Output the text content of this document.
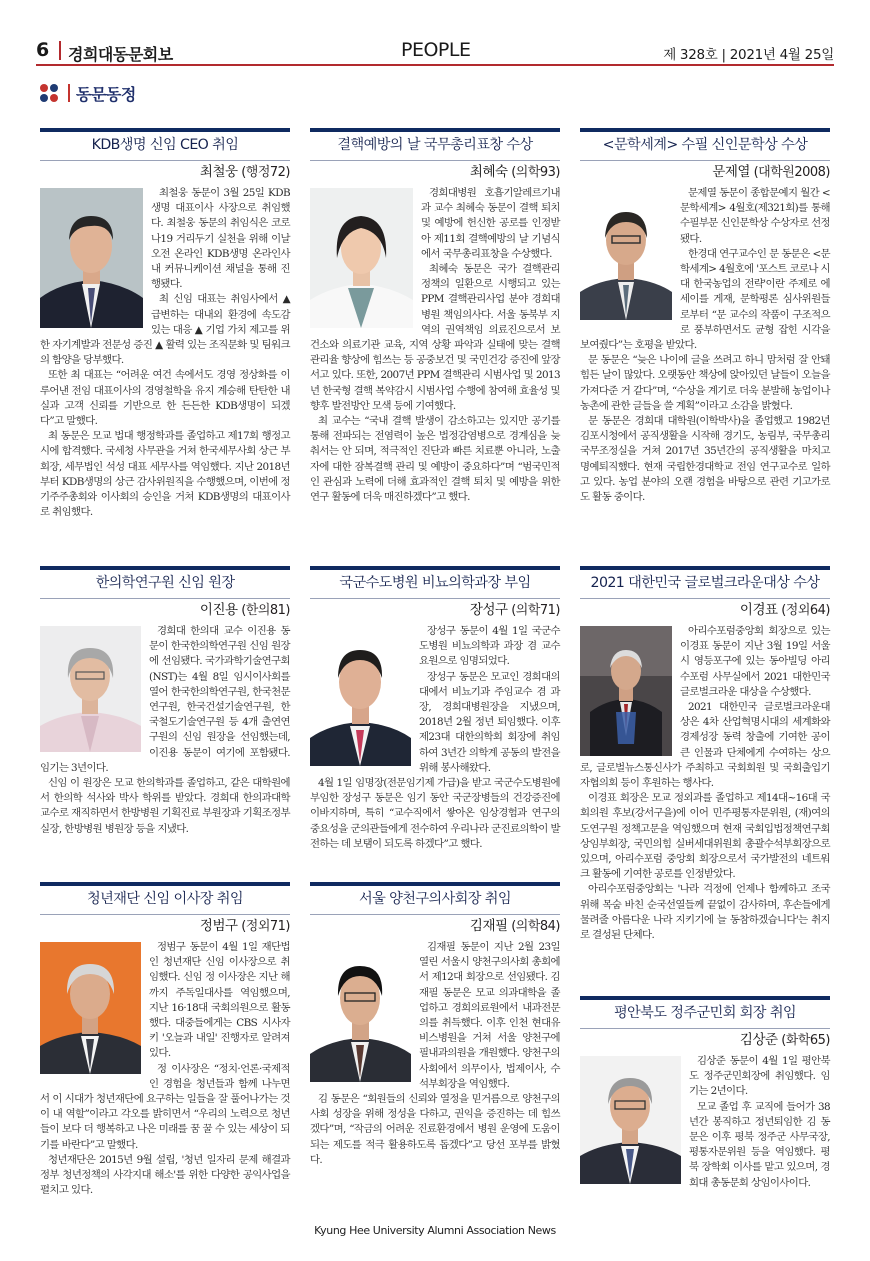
6 경희대동문회보	PEOPLE	제 328호 | 2021년 4월 25일
동문동정
KDB생명 신임 CEO 취임
최철웅 (행정72)

최철웅 동문이 3월 25일 KDB생명 대표이사 사장으로 취임했다. 최철웅 동문의 취임식은 코로나19 거리두기 실천을 위해 이날 오전 온라인 KDB생명 온라인사내 커뮤니케이션 채널을 통해 진행됐다.

최 신임 대표는 취임사에서 ▲급변하는 대내외 환경에 속도감 있는 대응 ▲ 기업 가치 제고를 위한 자기계발과 전문성 증진 ▲ 활력 있는 조직문화 및 팀워크의 함양을 당부했다.

또한 최 대표는 “어려운 여건 속에서도 경영 정상화를 이루어낸 전임 대표이사의 경영철학을 유지 계승해 탄탄한 내실과 고객 신뢰를 기반으로 한 든든한 KDB생명이 되겠다”고 말했다.

최 동문은 모교 법대 행정학과를 졸업하고 제17회 행정고시에 합격했다. 국세청 사무관을 거쳐 한국세무사회 상근 부회장, 세무법인 석성 대표 세무사를 역임했다. 지난 2018년부터 KDB생명의 상근 감사위원직을 수행했으며, 이번에 정기주주총회와 이사회의 승인을 거쳐 KDB생명의 대표이사로 취임했다.

결핵예방의 날 국무총리표창 수상
최혜숙 (의학93)

경희대병원 호흡기알레르기내과 교수 최혜숙 동문이 결핵 퇴치 및 예방에 헌신한 공로를 인정받아 제11회 결핵예방의 날 기념식에서 국무총리표창을 수상했다.

최혜숙 동문은 국가 결핵관리 정책의 일환으로 시행되고 있는 PPM 결핵관리사업 분야 경희대병원 책임의사다. 서울 동북부 지역의 권역책임 의료진으로서 보건소와 의료기관 교육, 지역 상황 파악과 실태에 맞는 결핵관리율 향상에 힘쓰는 등 공중보건 및 국민건강 증진에 앞장서고 있다. 또한, 2007년 PPM 결핵관리 시범사업 및 2013년 한국형 결핵 복약감시 시범사업 수행에 참여해 효율성 및 향후 발전방안 모색 등에 기여했다.

최 교수는 “국내 결핵 발생이 감소하고는 있지만 공기를 통해 전파되는 전염력이 높은 법정감염병으로 경계심을 늦춰서는 안 되며, 적극적인 진단과 빠른 치료뿐 아니라, 노출자에 대한 잠복결핵 관리 및 예방이 중요하다”며 “범국민적인 관심과 노력에 더해 효과적인 결핵 퇴치 및 예방을 위한 연구 활동에 더욱 매진하겠다”고 했다.

<문학세계> 수필 신인문학상 수상
문제열 (대학원2008)

문제열 동문이 종합문예지 월간 <문학세계> 4월호(제321회)를 통해 수필부문 신인문학상 수상자로 선정됐다.

한경대 연구교수인 문 동문은 <문학세계> 4월호에 '포스트 코로나 시대 한국농업의 전략'이란 주제로 에세이를 게재, 문학평론 심사위원들로부터 “문 교수의 작품이 구조적으로 풍부하면서도 균형 잡힌 시각을 보여줬다”는 호평을 받았다.

문 동문은 “늦은 나이에 글을 쓰려고 하니 맘처럼 잘 안돼 힘든 날이 많았다. 오랫동안 책상에 앉아있던 날들이 오늘을 가져다준 거 같다”며, “수상을 계기로 더욱 분발해 농업이나 농촌에 관한 글들을 쓸 계획”이라고 소감을 밝혔다.

문 동문은 경희대 대학원(이학박사)을 졸업했고 1982년 김포시청에서 공직생활을 시작해 경기도, 농림부, 국무총리 국무조정실을 거쳐 2017년 35년간의 공직생활을 마치고 명예퇴직했다. 현재 국립한경대학교 전임 연구교수로 일하고 있다. 농업 분야의 오랜 경험을 바탕으로 관련 기고가로도 활동 중이다.

한의학연구원 신임 원장
이진용 (한의81)

경희대 한의대 교수 이진용 동문이 한국한의학연구원 신임 원장에 선임됐다. 국가과학기술연구회(NST)는 4월 8일 임시이사회를 열어 한국한의학연구원, 한국천문연구원, 한국건설기술연구원, 한국철도기술연구원 등 4개 출연연구원의 신임 원장을 선임했는데, 이진용 동문이 여기에 포함됐다. 임기는 3년이다.

신임 이 원장은 모교 한의학과를 졸업하고, 같은 대학원에서 한의학 석사와 박사 학위를 받았다. 경희대 한의과대학 교수로 재직하면서 한방병원 기획진료 부원장과 기획조정부실장, 한방병원 병원장 등을 지냈다.

국군수도병원 비뇨의학과장 부임
장성구 (의학71)

장성구 동문이 4월 1일 국군수도병원 비뇨의학과 과장 겸 교수요원으로 임명되었다.

장성구 동문은 모교인 경희대의대에서 비뇨기과 주임교수 겸 과장, 경희대병원장을 지냈으며, 2018년 2월 정년 퇴임했다. 이후 제23대 대한의학회 회장에 취임하여 3년간 의학계 공동의 발전을 위해 봉사해왔다.

4월 1일 임명장(전문임기제 가급)을 받고 국군수도병원에 부임한 장성구 동문은 임기 동안 국군장병들의 건강증진에 이바지하며, 특히 “교수직에서 쌓아온 임상경험과 연구의 중요성을 군의관들에게 전수하여 우리나라 군진료의학이 발전하는 데 보탬이 되도록 하겠다”고 했다.

2021 대한민국 글로벌크라운대상 수상
이경표 (정외64)

아리수포럼중앙회 회장으로 있는 이경표 동문이 지난 3월 19일 서울시 영등포구에 있는 동아빌딩 아리수포럼 사무실에서 2021 대한민국 글로벌크라운 대상을 수상했다.

2021 대한민국 글로벌크라운대상은 4차 산업혁명시대의 세계화와 경제성장 동력 창출에 기여한 공이 큰 인물과 단체에게 수여하는 상으로, 글로벌뉴스통신사가 주최하고 국회회원 및 국회출입기자협의회 등이 후원하는 행사다.

이경표 회장은 모교 정외과를 졸업하고 제14대~16대 국회의원 후보(강서구을)에 이어 민주평통자문위원, (재)여의도연구원 정책고문을 역임했으며 현재 국회입법정책연구회 상임부회장, 국민의힘 실버세대위원회 총괄수석부회장으로 있으며, 아리수포럼 중앙회 회장으로서 국가발전의 네트워크 활동에 기여한 공로를 인정받았다.

아리수포럼중앙회는 '나라 걱정에 언제나 함께하고 조국 위해 목숨 바친 순국선열들께 끝없이 감사하며, 후손들에게 물려줄 아름다운 나라 지키기에 늘 동참하겠습니다'는 취지로 결성된 단체다.

청년재단 신임 이사장 취임
정범구 (정외71)

정범구 동문이 4월 1일 재단법인 청년재단 신임 이사장으로 취임했다. 신임 정 이사장은 지난 해까지 주독일대사를 역임했으며, 지난 16·18대 국회의원으로 활동했다. 대중들에게는 CBS 시사자키 '오늘과 내일' 진행자로 알려져 있다.

정 이사장은 “정치·언론·국제적인 경험을 청년들과 함께 나누면서 이 시대가 청년재단에 요구하는 일들을 잘 풀어나가는 것이 내 역할”이라고 각오를 밝히면서 “우리의 노력으로 청년들이 보다 더 행복하고 나은 미래를 꿈 꿀 수 있는 세상이 되기를 바란다”고 말했다.

청년재단은 2015년 9월 설립, '청년 일자리 문제 해결과 정부 청년정책의 사각지대 해소'를 위한 다양한 공익사업을 펼치고 있다.

서울 양천구의사회장 취임
김재필 (의학84)

김재필 동문이 지난 2월 23일 열린 서울시 양천구의사회 총회에서 제12대 회장으로 선임됐다. 김재필 동문은 모교 의과대학을 졸업하고 경희의료원에서 내과전문의를 취득했다. 이후 인천 현대유비스병원을 거쳐 서울 양천구에 필내과의원을 개원했다. 양천구의사회에서 의무이사, 법제이사, 수석부회장을 역임했다.

김 동문은 “회원들의 신뢰와 열정을 믿거름으로 양천구의사회 성장을 위해 정성을 다하고, 권익을 증진하는 데 힘쓰겠다”며, “작금의 어려운 진료환경에서 병원 운영에 도움이 되는 제도를 적극 활용하도록 돕겠다”고 당선 포부를 밝혔다.

평안북도 정주군민회 회장 취임
김상준 (화학65)

김상준 동문이 4월 1일 평안북도 정주군민회장에 취임했다. 임기는 2년이다.

모교 졸업 후 교직에 들어가 38년간 봉직하고 정년퇴임한 김 동문은 이후 평북 정주군 사무국장, 평통자문위원 등을 역임했다. 평북 장학회 이사를 맡고 있으며, 경희대 총동문회 상임이사이다.

Kyung Hee University Alumni Association News
